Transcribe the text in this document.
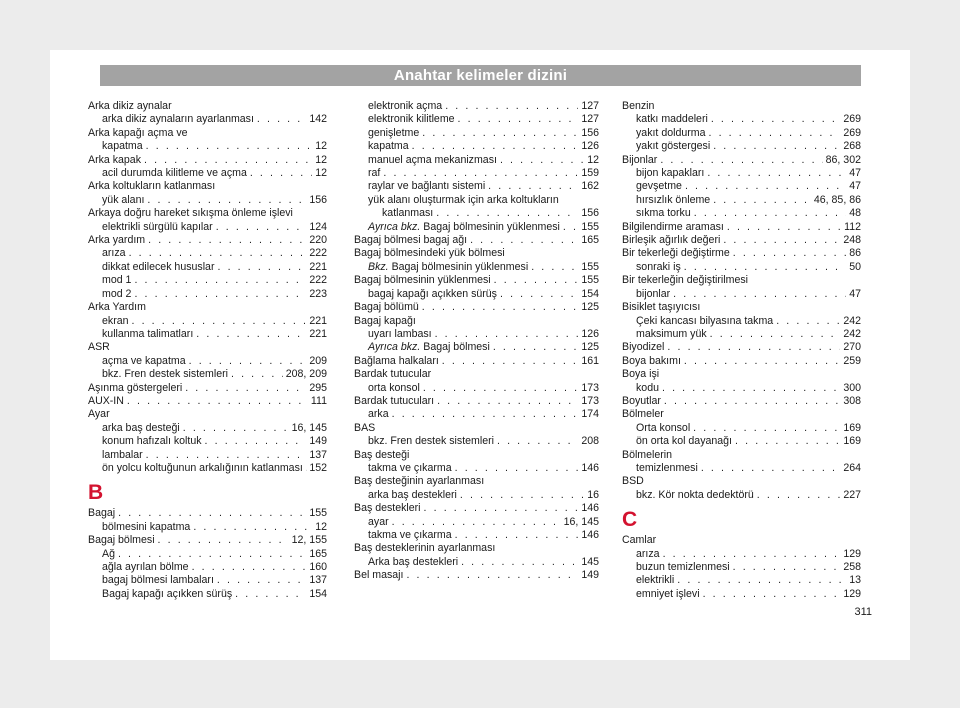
Anahtar kelimeler dizini
Arka dikiz aynalar
arka dikiz aynaların ayarlanması . . .	142
Arka kapağı açma ve
kapatma . . .	12
Arka kapak . . .	12
acil durumda kilitleme ve açma . . .	12
Arka koltukların katlanması
yük alanı . . .	156
Arkaya doğru hareket sıkışma önleme işlevi
elektrikli sürgülü kapılar . . .	124
Arka yardım . . .	220
arıza . . .	222
dikkat edilecek hususlar . . .	221
mod 1 . . .	222
mod 2 . . .	223
Arka Yardım
ekran . . .	221
kullanma talimatları . . .	221
ASR
açma ve kapatma . . .	209
bkz. Fren destek sistemleri . . .	208, 209
Aşınma göstergeleri . . .	295
AUX-IN . . .	111
Ayar
arka baş desteği . . .	16, 145
konum hafızalı koltuk . . .	149
lambalar . . .	137
ön yolcu koltuğunun arkalığının katlanması . . . 152
B
Bagaj . . .	155
bölmesini kapatma . . .	12
Bagaj bölmesi . . .	12, 155
Ağ . . .	165
ağla ayrılan bölme . . .	160
bagaj bölmesi lambaları . . .	137
Bagaj kapağı açıkken sürüş . . .	154
elektronik açma . . .	127
elektronik kilitleme . . .	127
genişletme . . .	156
kapatma . . .	126
manuel açma mekanizması . . .	12
raf . . .	159
raylar ve bağlantı sistemi . . .	162
yük alanı oluşturmak için arka koltukların
katlanması . . .	156
Ayrıca bkz. Bagaj bölmesinin yüklenmesi . . . 155
Bagaj bölmesi bagaj ağı . . .	165
Bagaj bölmesindeki yük bölmesi
Bkz. Bagaj bölmesinin yüklenmesi . . .	155
Bagaj bölmesinin yüklenmesi . . .	155
bagaj kapağı açıkken sürüş . . .	154
Bagaj bölümü . . .	125
Bagaj kapağı
uyarı lambası . . .	126
Ayrıca bkz. Bagaj bölmesi . . .	125
Bağlama halkaları . . .	161
Bardak tutucular
orta konsol . . .	173
Bardak tutucuları . . .	173
arka . . .	174
BAS
bkz. Fren destek sistemleri . . .	208
Baş desteği
takma ve çıkarma . . .	146
Baş desteğinin ayarlanması
arka baş destekleri . . .	16
Baş destekleri . . .	146
ayar . . .	16, 145
takma ve çıkarma . . .	146
Baş desteklerinin ayarlanması
Arka baş destekleri . . .	145
Bel masajı . . .	149
Benzin
katkı maddeleri . . .	269
yakıt doldurma . . .	269
yakıt göstergesi . . .	268
Bijonlar . . .	86, 302
bijon kapakları . . .	47
gevşetme . . .	47
hırsızlık önleme . . .	46, 85, 86
sıkma torku . . .	48
Bilgilendirme araması . . .	112
Birleşik ağırlık değeri . . .	248
Bir tekerleği değiştirme . . .	86
sonraki iş . . .	50
Bir tekerleğin değiştirilmesi
bijonlar . . .	47
Bisiklet taşıyıcısı
Çeki kancası bilyasına takma . . .	242
maksimum yük . . .	242
Biyodizel . . .	270
Boya bakımı . . .	259
Boya işi
kodu . . .	300
Boyutlar . . .	308
Bölmeler
Orta konsol . . .	169
ön orta kol dayanağı . . .	169
Bölmelerin
temizlenmesi . . .	264
BSD
bkz. Kör nokta dedektörü . . .	227
C
Camlar
arıza . . .	129
buzun temizlenmesi . . .	258
elektrikli . . .	13
emniyet işlevi . . .	129
311
